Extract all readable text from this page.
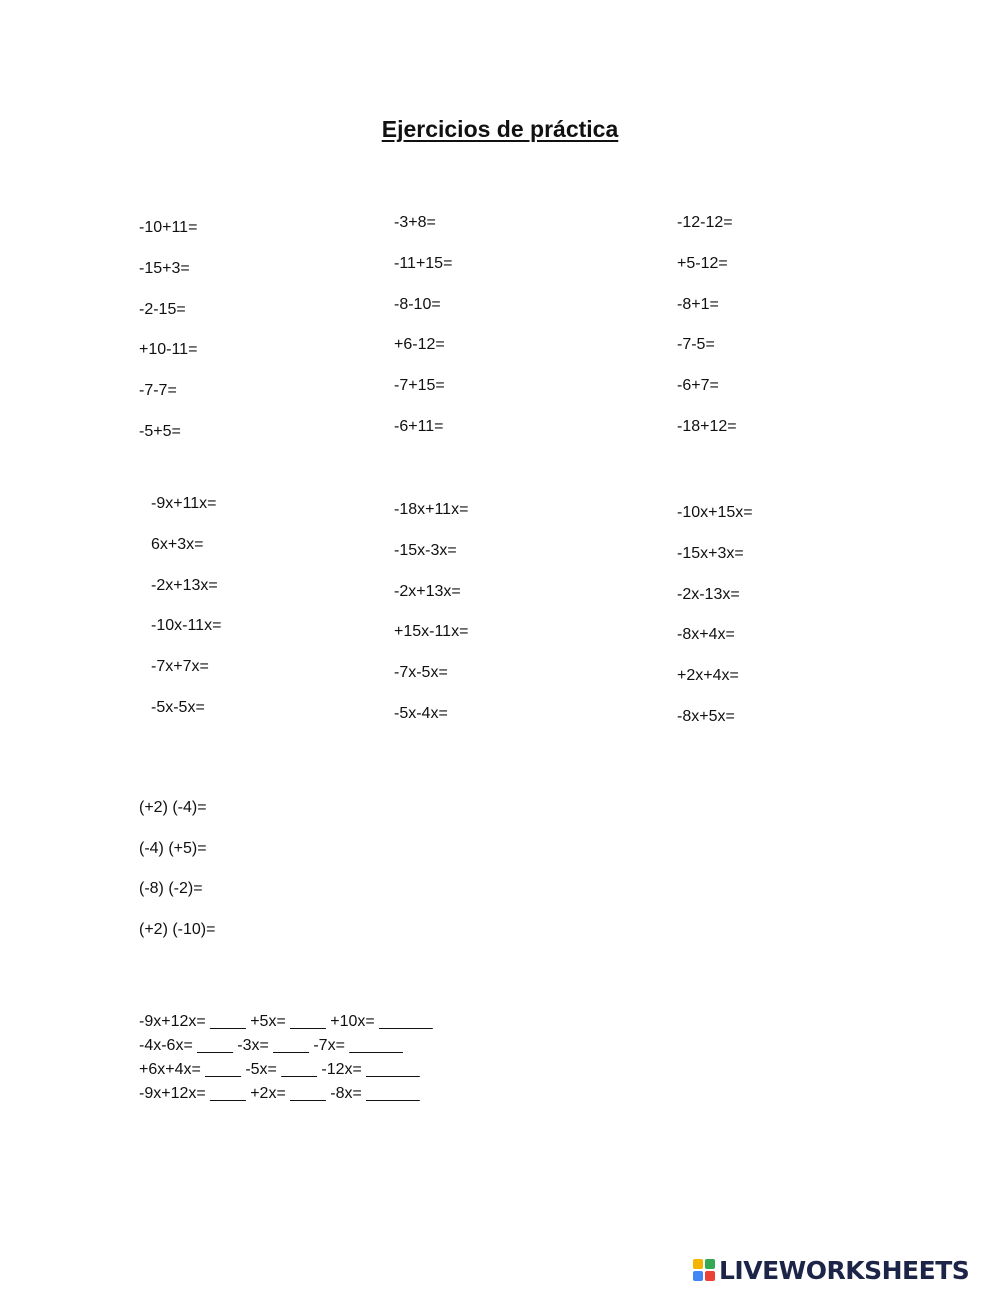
Ejercicios de práctica
-10+11=
-15+3=
-2-15=
+10-11=
-7-7=
-5+5=
-3+8=
-11+15=
-8-10=
+6-12=
-7+15=
-6+11=
-12-12=
+5-12=
-8+1=
-7-5=
-6+7=
-18+12=
-9x+11x=
6x+3x=
-2x+13x=
-10x-11x=
-7x+7x=
-5x-5x=
-18x+11x=
-15x-3x=
-2x+13x=
+15x-11x=
-7x-5x=
-5x-4x=
-10x+15x=
-15x+3x=
-2x-13x=
-8x+4x=
+2x+4x=
-8x+5x=
(+2) (-4)=
(-4) (+5)=
(-8) (-2)=
(+2) (-10)=
-9x+12x= ____ +5x= ____ +10x= ______
-4x-6x= ____ -3x= ____ -7x= ______
+6x+4x= ____ -5x= ____ -12x= ______
-9x+12x= ____ +2x= ____ -8x= ______
LIVEWORKSHEETS
